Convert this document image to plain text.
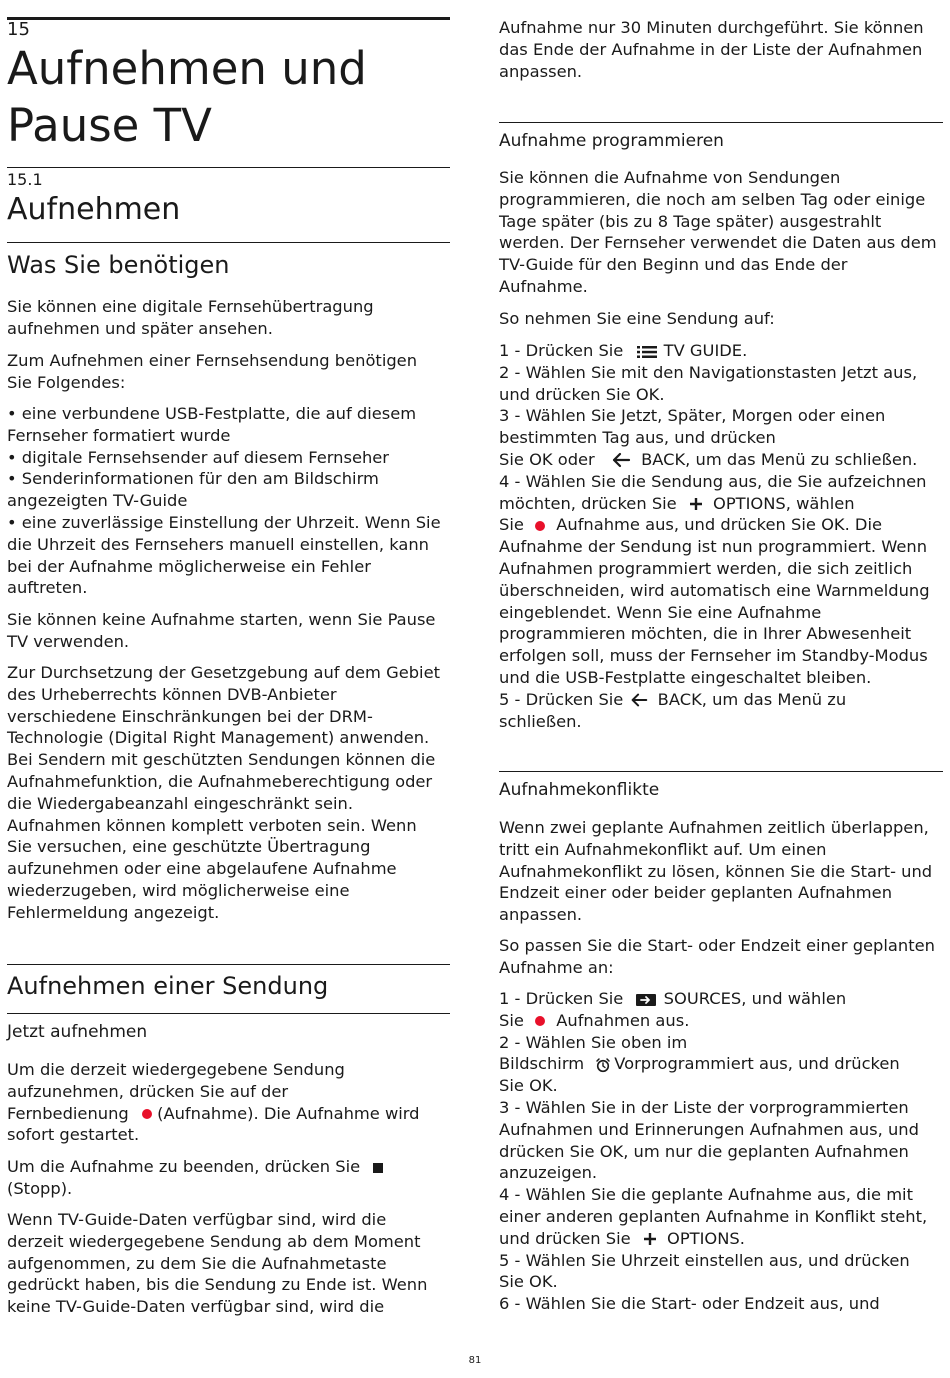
15
Aufnehmen und
Pause TV
15.1
Aufnehmen
Was Sie benötigen
Sie können eine digitale Fernsehübertragung
aufnehmen und später ansehen.
Zum Aufnehmen einer Fernsehsendung benötigen
Sie Folgendes:
• eine verbundene USB-Festplatte, die auf diesem
Fernseher formatiert wurde
• digitale Fernsehsender auf diesem Fernseher
• Senderinformationen für den am Bildschirm
angezeigten TV-Guide
• eine zuverlässige Einstellung der Uhrzeit. Wenn Sie
die Uhrzeit des Fernsehers manuell einstellen, kann
bei der Aufnahme möglicherweise ein Fehler
auftreten.
Sie können keine Aufnahme starten, wenn Sie Pause
TV verwenden.
Zur Durchsetzung der Gesetzgebung auf dem Gebiet
des Urheberrechts können DVB-Anbieter
verschiedene Einschränkungen bei der DRM-
Technologie (Digital Right Management) anwenden.
Bei Sendern mit geschützten Sendungen können die
Aufnahmefunktion, die Aufnahmeberechtigung oder
die Wiedergabeanzahl eingeschränkt sein.
Aufnahmen können komplett verboten sein. Wenn
Sie versuchen, eine geschützte Übertragung
aufzunehmen oder eine abgelaufene Aufnahme
wiederzugeben, wird möglicherweise eine
Fehlermeldung angezeigt.
Aufnehmen einer Sendung
Jetzt aufnehmen
Um die derzeit wiedergegebene Sendung
aufzunehmen, drücken Sie auf der
Fernbedienung  (Aufnahme). Die Aufnahme wird
sofort gestartet.
Um die Aufnahme zu beenden, drücken Sie
(Stopp).
Wenn TV-Guide-Daten verfügbar sind, wird die
derzeit wiedergegebene Sendung ab dem Moment
aufgenommen, zu dem Sie die Aufnahmetaste
gedrückt haben, bis die Sendung zu Ende ist. Wenn
keine TV-Guide-Daten verfügbar sind, wird die
Aufnahme nur 30 Minuten durchgeführt. Sie können
das Ende der Aufnahme in der Liste der Aufnahmen
anpassen.
Aufnahme programmieren
Sie können die Aufnahme von Sendungen
programmieren, die noch am selben Tag oder einige
Tage später (bis zu 8 Tage später) ausgestrahlt
werden. Der Fernseher verwendet die Daten aus dem
TV-Guide für den Beginn und das Ende der
Aufnahme.
So nehmen Sie eine Sendung auf:
1 - Drücken Sie  TV GUIDE.
2 - Wählen Sie mit den Navigationstasten Jetzt aus,
und drücken Sie OK.
3 - Wählen Sie Jetzt, Später, Morgen oder einen
bestimmten Tag aus, und drücken
Sie OK oder  BACK, um das Menü zu schließen.
4 - Wählen Sie die Sendung aus, die Sie aufzeichnen
möchten, drücken Sie  OPTIONS, wählen
Sie  Aufnahme aus, und drücken Sie OK. Die
Aufnahme der Sendung ist nun programmiert. Wenn
Aufnahmen programmiert werden, die sich zeitlich
überschneiden, wird automatisch eine Warnmeldung
eingeblendet. Wenn Sie eine Aufnahme
programmieren möchten, die in Ihrer Abwesenheit
erfolgen soll, muss der Fernseher im Standby-Modus
und die USB-Festplatte eingeschaltet bleiben.
5 - Drücken Sie  BACK, um das Menü zu
schließen.
Aufnahmekonflikte
Wenn zwei geplante Aufnahmen zeitlich überlappen,
tritt ein Aufnahmekonflikt auf. Um einen
Aufnahmekonflikt zu lösen, können Sie die Start- und
Endzeit einer oder beider geplanten Aufnahmen
anpassen.
So passen Sie die Start- oder Endzeit einer geplanten
Aufnahme an:
1 - Drücken Sie  SOURCES, und wählen
Sie  Aufnahmen aus.
2 - Wählen Sie oben im
Bildschirm Vorprogrammiert aus, und drücken
Sie OK.
3 - Wählen Sie in der Liste der vorprogrammierten
Aufnahmen und Erinnerungen Aufnahmen aus, und
drücken Sie OK, um nur die geplanten Aufnahmen
anzuzeigen.
4 - Wählen Sie die geplante Aufnahme aus, die mit
einer anderen geplanten Aufnahme in Konflikt steht,
und drücken Sie  OPTIONS.
5 - Wählen Sie Uhrzeit einstellen aus, und drücken
Sie OK.
6 - Wählen Sie die Start- oder Endzeit aus, und
81
